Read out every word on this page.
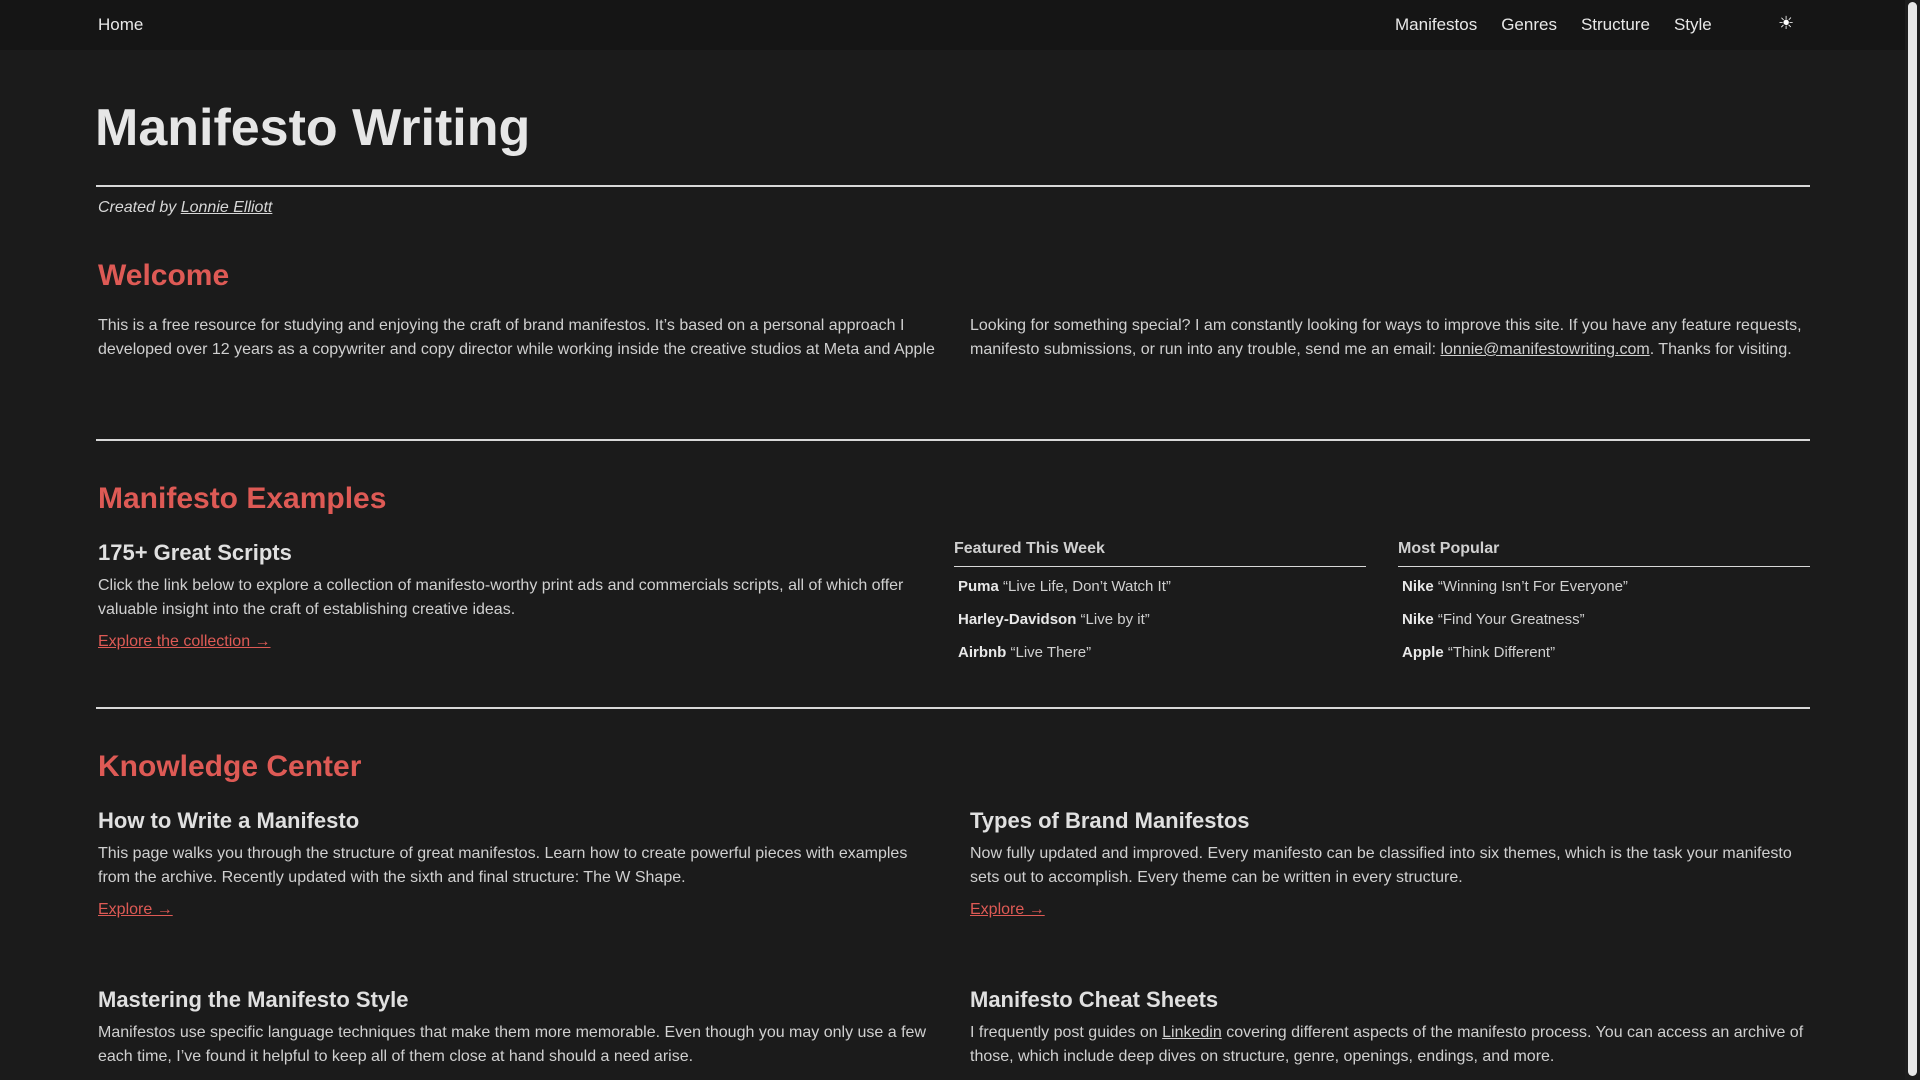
Home	Manifestos Genres Structure Style	☀
Manifesto Writing
Created by Lonnie Elliott
Welcome

This is a free resource for studying and enjoying the craft of brand manifestos. It’s based on a personal approach I developed over 12 years as a copywriter and copy director while working inside the creative studios at Meta and Apple

Looking for something special? I am constantly looking for ways to improve this site. If you have any feature requests, manifesto submissions, or run into any trouble, send me an email: lonnie@manifestowriting.com. Thanks for visiting.

Manifesto Examples
175+ Great Scripts

Click the link below to explore a collection of manifesto-worthy print ads and commercials scripts, all of which offer valuable insight into the craft of establishing creative ideas.

Explore the collection →
Featured This Week
Puma “Live Life, Don’t Watch It”
Harley-Davidson “Live by it”
Airbnb “Live There”
Most Popular
Nike “Winning Isn’t For Everyone”
Nike “Find Your Greatness”
Apple “Think Different”
Knowledge Center
How to Write a Manifesto

This page walks you through the structure of great manifestos. Learn how to create powerful pieces with examples from the archive. Recently updated with the sixth and final structure: The W Shape.

Explore →
Types of Brand Manifestos

Now fully updated and improved. Every manifesto can be classified into six themes, which is the task your manifesto sets out to accomplish. Every theme can be written in every structure.

Explore →
Mastering the Manifesto Style

Manifestos use specific language techniques that make them more memorable. Even though you may only use a few each time, I’ve found it helpful to keep all of them close at hand should a need arise.

Manifesto Cheat Sheets

I frequently post guides on Linkedin covering different aspects of the manifesto process. You can access an archive of those, which include deep dives on structure, genre, openings, endings, and more.
